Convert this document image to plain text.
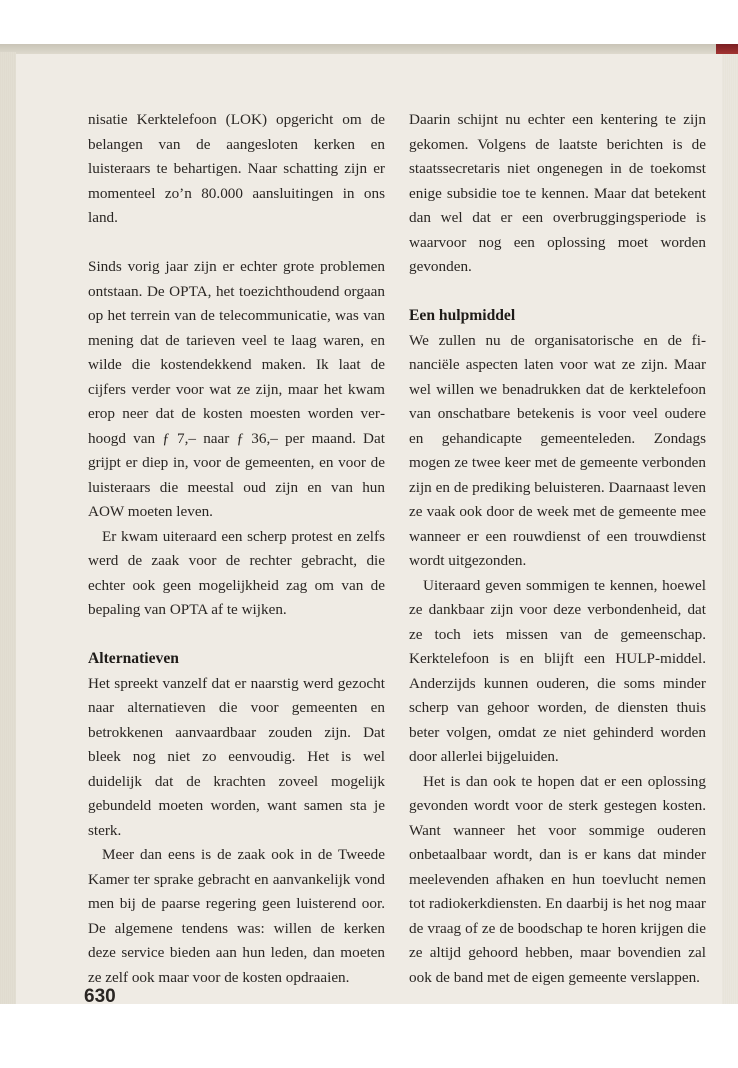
nisatie Kerktelefoon (LOK) opgericht om de belangen van de aangesloten kerken en luisteraars te behartigen. Naar schatting zijn er momenteel zo’n 80.000 aansluitingen in ons land.

Sinds vorig jaar zijn er echter grote problemen ontstaan. De OPTA, het toezichthoudend orgaan op het terrein van de telecommunicatie, was van mening dat de tarieven veel te laag waren, en wilde die kostendekkend maken. Ik laat de cijfers verder voor wat ze zijn, maar het kwam erop neer dat de kosten moesten worden verhoogd van ƒ 7,– naar ƒ 36,– per maand. Dat grijpt er diep in, voor de gemeenten, en voor de luisteraars die meestal oud zijn en van hun AOW moeten leven.

Er kwam uiteraard een scherp protest en zelfs werd de zaak voor de rechter gebracht, die echter ook geen mogelijkheid zag om van de bepaling van OPTA af te wijken.

Alternatieven

Het spreekt vanzelf dat er naarstig werd gezocht naar alternatieven die voor gemeenten en betrokkenen aanvaardbaar zouden zijn. Dat bleek nog niet zo eenvoudig. Het is wel duidelijk dat de krachten zoveel mogelijk gebundeld moeten worden, want samen sta je sterk.

Meer dan eens is de zaak ook in de Tweede Kamer ter sprake gebracht en aanvankelijk vond men bij de paarse regering geen luisterend oor. De algemene tendens was: willen de kerken deze service bieden aan hun leden, dan moeten ze zelf ook maar voor de kosten opdraaien.

Daarin schijnt nu echter een kentering te zijn gekomen. Volgens de laatste berichten is de staatssecretaris niet ongenegen in de toekomst enige subsidie toe te kennen. Maar dat betekent dan wel dat er een overbruggingsperiode is waarvoor nog een oplossing moet worden gevonden.

Een hulpmiddel

We zullen nu de organisatorische en de financiële aspecten laten voor wat ze zijn. Maar wel willen we benadrukken dat de kerktelefoon van onschatbare betekenis is voor veel oudere en gehandicapte gemeenteleden. Zondags mogen ze twee keer met de gemeente verbonden zijn en de prediking beluisteren. Daarnaast leven ze vaak ook door de week met de gemeente mee wanneer er een rouwdienst of een trouwdienst wordt uitgezonden.

Uiteraard geven sommigen te kennen, hoewel ze dankbaar zijn voor deze verbondenheid, dat ze toch iets missen van de gemeenschap. Kerktelefoon is en blijft een HULP-middel. Anderzijds kunnen ouderen, die soms minder scherp van gehoor worden, de diensten thuis beter volgen, omdat ze niet gehinderd worden door allerlei bijgeluiden.

Het is dan ook te hopen dat er een oplossing gevonden wordt voor de sterk gestegen kosten. Want wanneer het voor sommige ouderen onbetaalbaar wordt, dan is er kans dat minder meelevenden afhaken en hun toevlucht nemen tot radiokerkdiensten. En daarbij is het nog maar de vraag of ze de boodschap te horen krijgen die ze altijd gehoord hebben, maar bovendien zal ook de band met de eigen gemeente verslappen.

630
